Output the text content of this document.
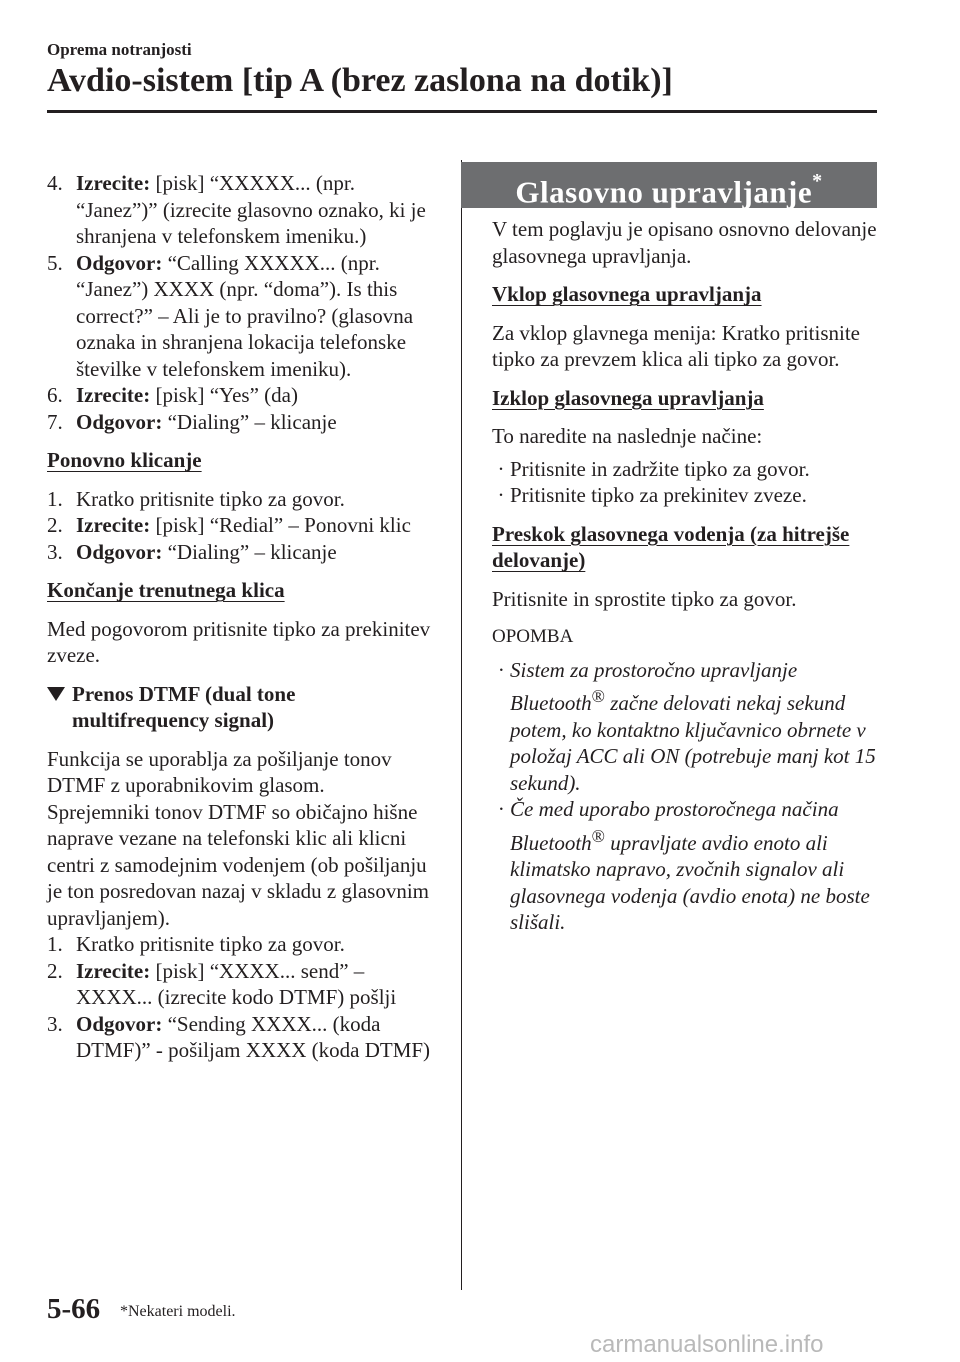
Oprema notranjosti
Avdio-sistem [tip A (brez zaslona na dotik)]
4. Izrecite: [pisk] “XXXXX... (npr. “Janez”)” (izrecite glasovno oznako, ki je shranjena v telefonskem imeniku.)
5. Odgovor: “Calling XXXXX... (npr. “Janez”) XXXX (npr. “doma”). Is this correct?” – Ali je to pravilno? (glasovna oznaka in shranjena lokacija telefonske številke v telefonskem imeniku).
6. Izrecite: [pisk] “Yes” (da)
7. Odgovor: “Dialing” – klicanje
Ponovno klicanje
1. Kratko pritisnite tipko za govor.
2. Izrecite: [pisk] “Redial” – Ponovni klic
3. Odgovor: “Dialing” – klicanje
Končanje trenutnega klica

Med pogovorom pritisnite tipko za prekinitev zveze.

Prenos DTMF (dual tone multifrequency signal)

Funkcija se uporablja za pošiljanje tonov DTMF z uporabnikovim glasom. Sprejemniki tonov DTMF so običajno hišne naprave vezane na telefonski klic ali klicni centri z samodejnim vodenjem (ob pošiljanju je ton posredovan nazaj v skladu z glasovnim upravljanjem).

1. Kratko pritisnite tipko za govor.
2. Izrecite: [pisk] “XXXX... send” – XXXX... (izrecite kodo DTMF) pošlji
3. Odgovor: “Sending XXXX... (koda DTMF)” - pošiljam XXXX (koda DTMF)
Glasovno upravljanje*

V tem poglavju je opisano osnovno delovanje glasovnega upravljanja.

Vklop glasovnega upravljanja

Za vklop glavnega menija: Kratko pritisnite tipko za prevzem klica ali tipko za govor.

Izklop glasovnega upravljanja

To naredite na naslednje načine:

· Pritisnite in zadržite tipko za govor.
· Pritisnite tipko za prekinitev zveze.
Preskok glasovnega vodenja (za hitrejše
delovanje)

Pritisnite in sprostite tipko za govor.

OPOMBA

· Sistem za prostoročno upravljanje Bluetooth® začne delovati nekaj sekund potem, ko kontaktno ključavnico obrnete v položaj ACC ali ON (potrebuje manj kot 15 sekund).
· Če med uporabo prostoročnega načina Bluetooth® upravljate avdio enoto ali klimatsko napravo, zvočnih signalov ali glasovnega vodenja (avdio enota) ne boste slišali.
5-66 *Nekateri modeli.
carmanualsonline.info
